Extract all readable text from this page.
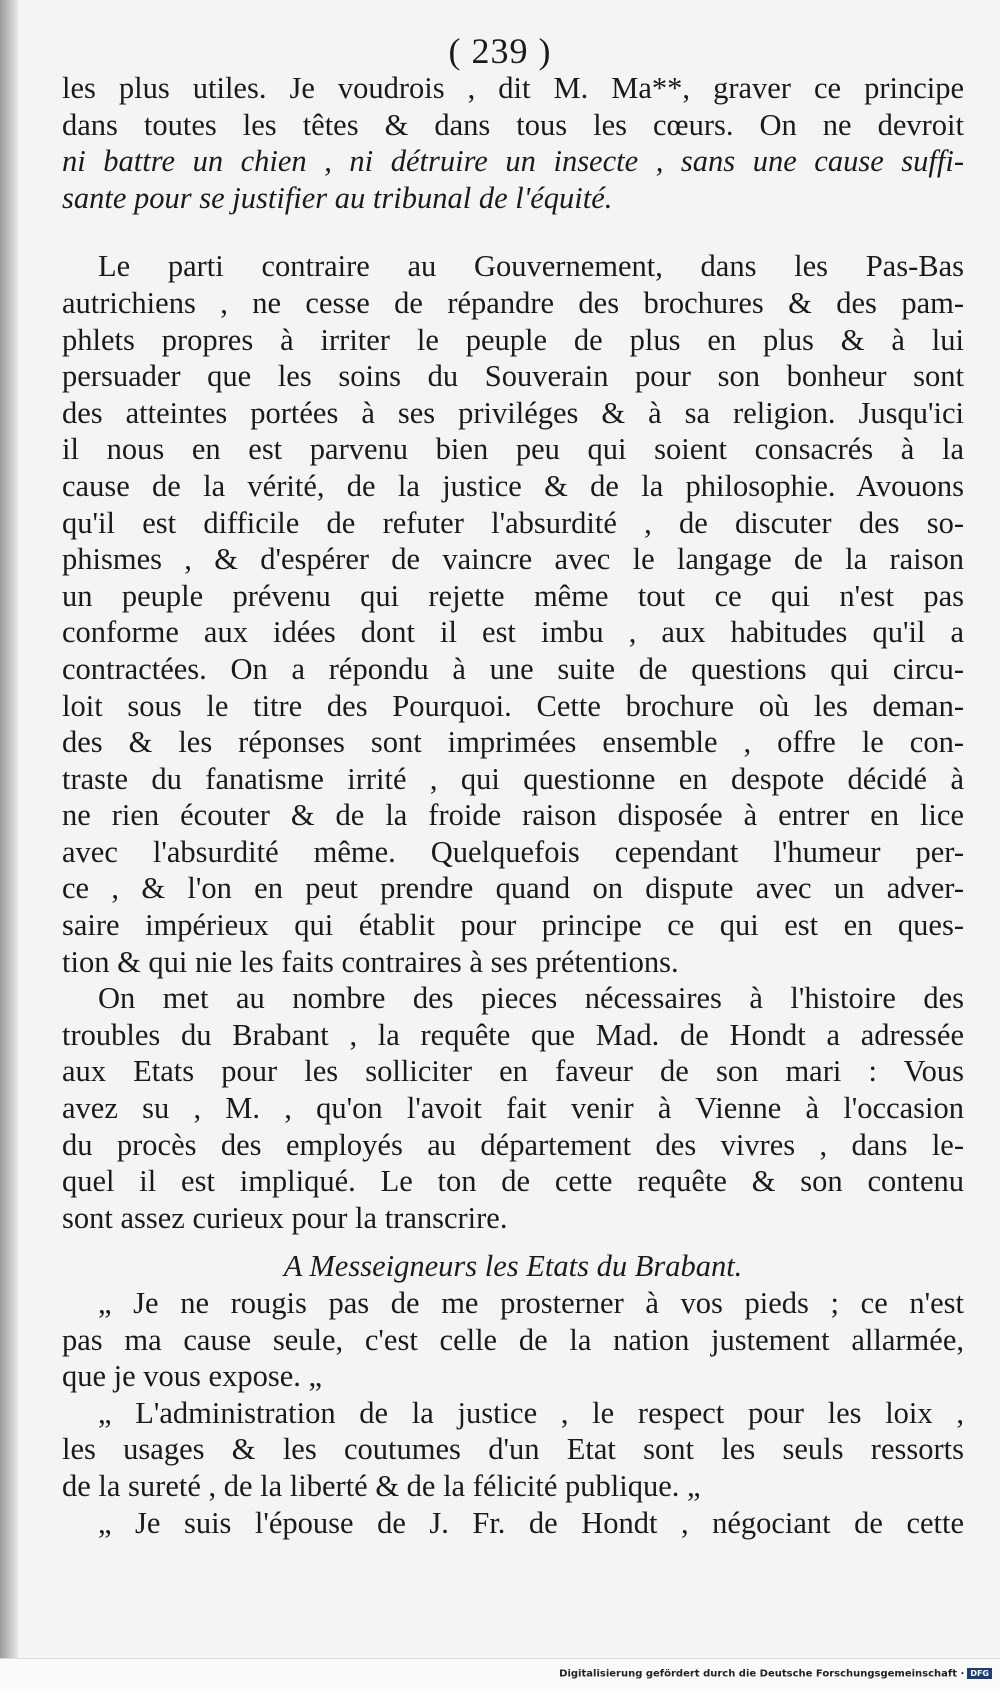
( 239 )
les plus utiles. Je voudrois , dit M. Ma**, graver ce principe
dans toutes les têtes & dans tous les cœurs. On ne devroit
ni battre un chien , ni détruire un insecte , sans une cause suffi-
sante pour se justifier au tribunal de l'équité.
Le parti contraire au Gouvernement, dans les Pas-Bas
autrichiens , ne cesse de répandre des brochures & des pam-
phlets propres à irriter le peuple de plus en plus & à lui
persuader que les soins du Souverain pour son bonheur sont
des atteintes portées à ses priviléges & à sa religion. Jusqu'ici
il nous en est parvenu bien peu qui soient consacrés à la
cause de la vérité, de la justice & de la philosophie. Avouons
qu'il est difficile de refuter l'absurdité , de discuter des so-
phismes , & d'espérer de vaincre avec le langage de la raison
un peuple prévenu qui rejette même tout ce qui n'est pas
conforme aux idées dont il est imbu , aux habitudes qu'il a
contractées. On a répondu à une suite de questions qui circu-
loit sous le titre des Pourquoi. Cette brochure où les deman-
des & les réponses sont imprimées ensemble , offre le con-
traste du fanatisme irrité , qui questionne en despote décidé à
ne rien écouter & de la froide raison disposée à entrer en lice
avec l'absurdité même. Quelquefois cependant l'humeur per-
ce , & l'on en peut prendre quand on dispute avec un adver-
saire impérieux qui établit pour principe ce qui est en ques-
tion & qui nie les faits contraires à ses prétentions.
On met au nombre des pieces nécessaires à l'histoire des
troubles du Brabant , la requête que Mad. de Hondt a adressée
aux Etats pour les solliciter en faveur de son mari : Vous
avez su , M. , qu'on l'avoit fait venir à Vienne à l'occasion
du procès des employés au département des vivres , dans le-
quel il est impliqué. Le ton de cette requête & son contenu
sont assez curieux pour la transcrire.
A Messeigneurs les Etats du Brabant.
„ Je ne rougis pas de me prosterner à vos pieds ; ce n'est
pas ma cause seule, c'est celle de la nation justement allarmée,
que je vous expose. „
„ L'administration de la justice , le respect pour les loix ,
les usages & les coutumes d'un Etat sont les seuls ressorts
de la sureté , de la liberté & de la félicité publique. „
„ Je suis l'épouse de J. Fr. de Hondt , négociant de cette
Digitalisierung gefördert durch die Deutsche Forschungsgemeinschaft · DFG
